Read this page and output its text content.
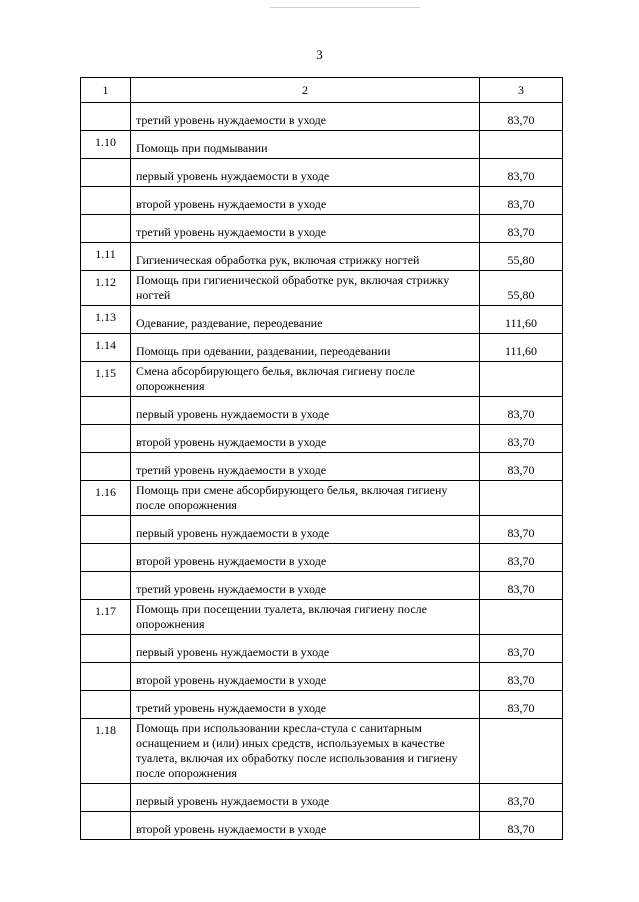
3
1	2	3
	третий уровень нуждаемости в уходе	83,70
1.10	Помощь при подмывании	
	первый уровень нуждаемости в уходе	83,70
	второй уровень нуждаемости в уходе	83,70
	третий уровень нуждаемости в уходе	83,70
1.11	Гигиеническая обработка рук, включая стрижку ногтей	55,80
1.12	Помощь при гигиенической обработке рук, включая стрижку ногтей	55,80
1.13	Одевание, раздевание, переодевание	111,60
1.14	Помощь при одевании, раздевании, переодевании	111,60
1.15	Смена абсорбирующего белья, включая гигиену после опорожнения	
	первый уровень нуждаемости в уходе	83,70
	второй уровень нуждаемости в уходе	83,70
	третий уровень нуждаемости в уходе	83,70
1.16	Помощь при смене абсорбирующего белья, включая гигиену после опорожнения	
	первый уровень нуждаемости в уходе	83,70
	второй уровень нуждаемости в уходе	83,70
	третий уровень нуждаемости в уходе	83,70
1.17	Помощь при посещении туалета, включая гигиену после опорожнения	
	первый уровень нуждаемости в уходе	83,70
	второй уровень нуждаемости в уходе	83,70
	третий уровень нуждаемости в уходе	83,70
1.18	Помощь при использовании кресла-стула с санитарным оснащением и (или) иных средств, используемых в качестве туалета, включая их обработку после использования и гигиену после опорожнения	
	первый уровень нуждаемости в уходе	83,70
	второй уровень нуждаемости в уходе	83,70
